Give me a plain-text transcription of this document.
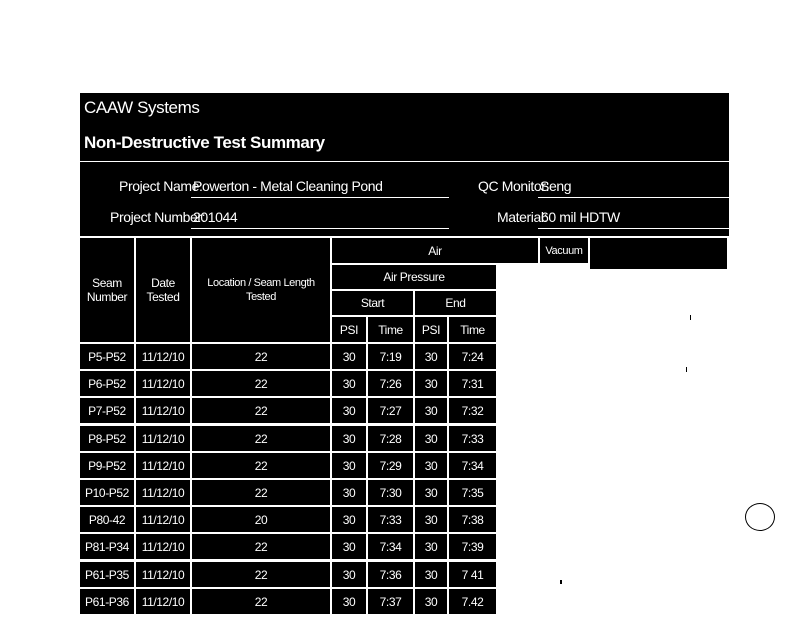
CAAW Systems
Non-Destructive Test Summary
Project Name:
Powerton - Metal Cleaning Pond	QC Monitor:
Seng
Project Number:
201044	Material:
60 mil HDTW
Seam Number
Date Tested
Location / Seam Length Tested
Air	Vacuum
Air Pressure
Start	End
PSI	Time	PSI	Time
P5-P52	11/12/10	22	30	7:19	30	7:24
P6-P52	11/12/10	22	30	7:26	30	7:31
P7-P52	11/12/10	22	30	7:27	30	7:32
P8-P52	11/12/10	22	30	7:28	30	7:33
P9-P52	11/12/10	22	30	7:29	30	7:34
P10-P52	11/12/10	22	30	7:30	30	7:35
P80-42	11/12/10	20	30	7:33	30	7:38
P81-P34	11/12/10	22	30	7:34	30	7:39
P61-P35	11/12/10	22	30	7:36	30	7 41
P61-P36	11/12/10	22	30	7:37	30	7.42
